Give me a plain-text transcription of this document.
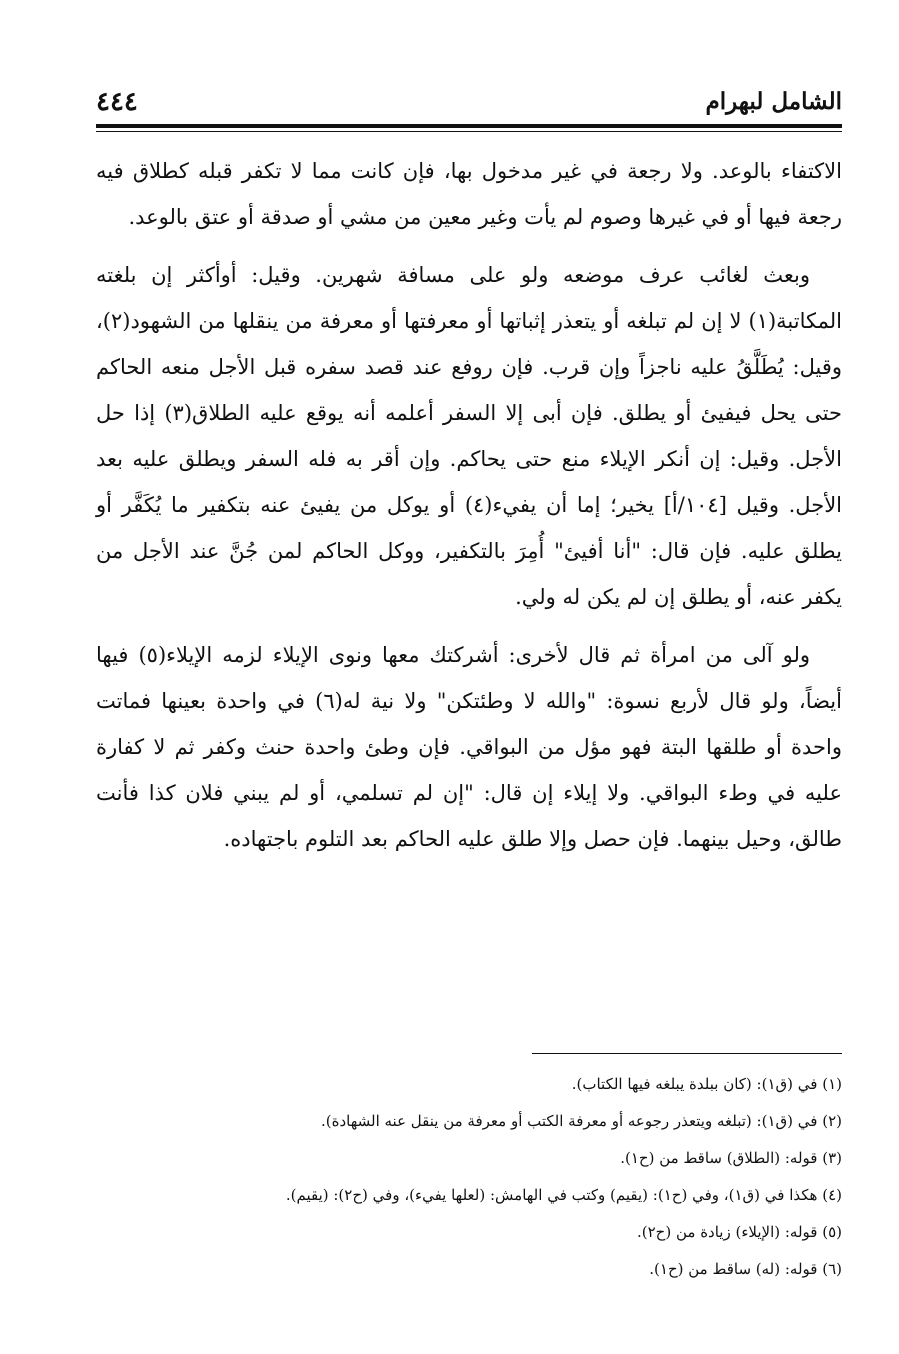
الشامل لبهرام
٤٤٤

الاكتفاء بالوعد. ولا رجعة في غير مدخول بها، فإن كانت مما لا تكفر قبله كطلاق فيه رجعة فيها أو في غيرها وصوم لم يأت وغير معين من مشي أو صدقة أو عتق بالوعد.

وبعث لغائب عرف موضعه ولو على مسافة شهرين. وقيل: أوأكثر إن بلغته المكاتبة(١) لا إن لم تبلغه أو يتعذر إثباتها أو معرفتها أو معرفة من ينقلها من الشهود(٢)، وقيل: يُطَلَّقُ عليه ناجزاً وإن قرب. فإن روفع عند قصد سفره قبل الأجل منعه الحاكم حتى يحل فيفيئ أو يطلق. فإن أبى إلا السفر أعلمه أنه يوقع عليه الطلاق(٣) إذا حل الأجل. وقيل: إن أنكر الإيلاء منع حتى يحاكم. وإن أقر به فله السفر ويطلق عليه بعد الأجل. وقيل [١٠٤/أ] يخير؛ إما أن يفيء(٤) أو يوكل من يفيئ عنه بتكفير ما يُكَفَّر أو يطلق عليه. فإن قال: "أنا أفيئ" أُمِرَ بالتكفير، ووكل الحاكم لمن جُنَّ عند الأجل من يكفر عنه، أو يطلق إن لم يكن له ولي.

ولو آلى من امرأة ثم قال لأخرى: أشركتك معها ونوى الإيلاء لزمه الإيلاء(٥) فيها أيضاً، ولو قال لأربع نسوة: "والله لا وطئتكن" ولا نية له(٦) في واحدة بعينها فماتت واحدة أو طلقها البتة فهو مؤل من البواقي. فإن وطئ واحدة حنث وكفر ثم لا كفارة عليه في وطء البواقي. ولا إيلاء إن قال: "إن لم تسلمي، أو لم يبني فلان كذا فأنت طالق، وحيل بينهما. فإن حصل وإلا طلق عليه الحاكم بعد التلوم باجتهاده.

(١) في (ق١): (كان ببلدة يبلغه فيها الكتاب).

(٢) في (ق١): (تبلغه ويتعذر رجوعه أو معرفة الكتب أو معرفة من ينقل عنه الشهادة).

(٣) قوله: (الطلاق) ساقط من (ح١).

(٤) هكذا في (ق١)، وفي (ح١): (يقيم) وكتب في الهامش: (لعلها يفيء)، وفي (ح٢): (يقيم).

(٥) قوله: (الإيلاء) زيادة من (ح٢).

(٦) قوله: (له) ساقط من (ح١).
